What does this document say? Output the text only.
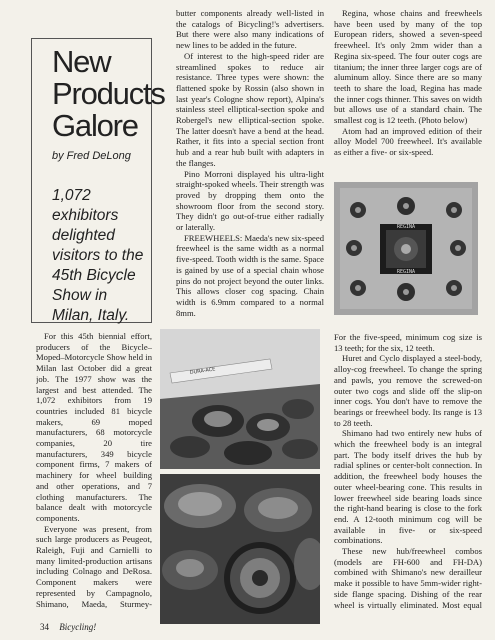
New Products Galore
by Fred DeLong
1,072 exhibitors delighted visitors to the 45th Bicycle Show in Milan, Italy.

For this 45th biennial effort, producers of the Bicycle–Moped–Motorcycle Show held in Milan last October did a great job. The 1977 show was the largest and best attended. The 1,072 exhibitors from 19 countries included 81 bicycle makers, 69 moped manufacturers, 68 motorcycle companies, 20 tire manufacturers, 349 bicycle component firms, 7 makers of machinery for wheel building and other operations, and 7 clothing manufacturers. The balance dealt with motorcycle components.

Everyone was present, from such large producers as Peugeot, Raleigh, Fuji and Carnielli to many limited-production artisans including Colnago and DeRosa. Component makers were represented by Campagnolo, Shimano, Maeda, Sturmey-

butter components already well-listed in the catalogs of Bicycling!'s advertisers. But there were also many indications of new lines to be added in the future.

Of interest to the high-speed rider are streamlined spokes to reduce air resistance. Three types were shown: the flattened spoke by Rossin (also shown in last year's Cologne show report), Alpina's stainless steel elliptical-section spoke and Robergel's new elliptical-section spoke. The latter doesn't have a bend at the head. Rather, it fits into a special section front hub and a rear hub built with adapters in the flanges.

Pino Morroni displayed his ultra-light straight-spoked wheels. Their strength was proved by dropping them onto the showroom floor from the second story. They didn't go out-of-true either radially or laterally.

FREEWHEELS: Maeda's new six-speed freewheel is the same width as a normal five-speed. Tooth width is the same. Space is gained by use of a special chain whose pins do not project beyond the outer links. This allows closer cog spacing. Chain width is 6.9mm compared to a normal 8mm.

Regina, whose chains and freewheels have been used by many of the top European riders, showed a seven-speed freewheel. It's only 2mm wider than a Regina six-speed. The four outer cogs are titanium; the inner three larger cogs are of aluminum alloy. Since there are so many teeth to share the load, Regina has made the inner cogs thinner. This saves on width but allows use of a standard chain. The smallest cog is 12 teeth. (Photo below)

Atom had an improved edition of their alloy Model 700 freewheel. It's available as either a five- or six-speed.

REGINA
REGINA
DURA-ACE

For the five-speed, minimum cog size is 13 teeth; for the six, 12 teeth.

Huret and Cyclo displayed a steel-body, alloy-cog freewheel. To change the spring and pawls, you remove the screwed-on outer two cogs and slide off the slip-on inner cogs. You don't have to remove the bearings or freewheel body. Its range is 13 to 28 teeth.

Shimano had two entirely new hubs of which the freewheel body is an integral part. The body itself drives the hub by radial splines or center-bolt connection. In addition, the freewheel body houses the outer wheel-bearing cone. This results in lower freewheel side bearing loads since the right-hand bearing is close to the fork end. A 12-tooth minimum cog will be available in five- or six-speed combinations.

These new hub/freewheel combos (models are FH-600 and FH-DA) combined with Shimano's new derailleur make it possible to have 5mm-wider right-side flange spacing. Dishing of the rear wheel is virtually eliminated. Most equal

34 Bicycling!
